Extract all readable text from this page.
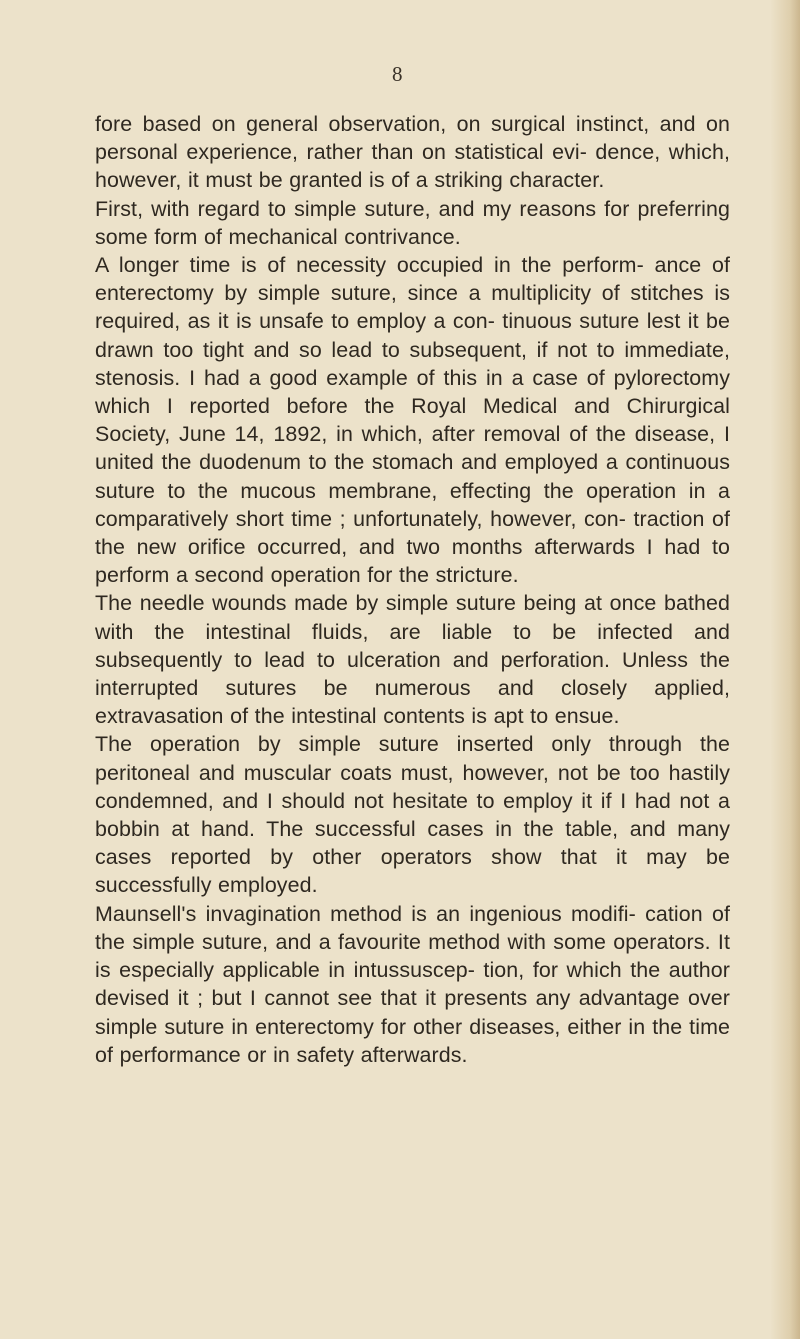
8

fore based on general observation, on surgical instinct, and on personal experience, rather than on statistical evi- dence, which, however, it must be granted is of a striking character.

First, with regard to simple suture, and my reasons for preferring some form of mechanical contrivance.

A longer time is of necessity occupied in the perform- ance of enterectomy by simple suture, since a multiplicity of stitches is required, as it is unsafe to employ a con- tinuous suture lest it be drawn too tight and so lead to subsequent, if not to immediate, stenosis. I had a good example of this in a case of pylorectomy which I reported before the Royal Medical and Chirurgical Society, June 14, 1892, in which, after removal of the disease, I united the duodenum to the stomach and employed a continuous suture to the mucous membrane, effecting the operation in a comparatively short time ; unfortunately, however, con- traction of the new orifice occurred, and two months afterwards I had to perform a second operation for the stricture.

The needle wounds made by simple suture being at once bathed with the intestinal fluids, are liable to be infected and subsequently to lead to ulceration and perforation. Unless the interrupted sutures be numerous and closely applied, extravasation of the intestinal contents is apt to ensue.

The operation by simple suture inserted only through the peritoneal and muscular coats must, however, not be too hastily condemned, and I should not hesitate to employ it if I had not a bobbin at hand. The successful cases in the table, and many cases reported by other operators show that it may be successfully employed.

Maunsell's invagination method is an ingenious modifi- cation of the simple suture, and a favourite method with some operators. It is especially applicable in intussuscep- tion, for which the author devised it ; but I cannot see that it presents any advantage over simple suture in enterectomy for other diseases, either in the time of performance or in safety afterwards.
